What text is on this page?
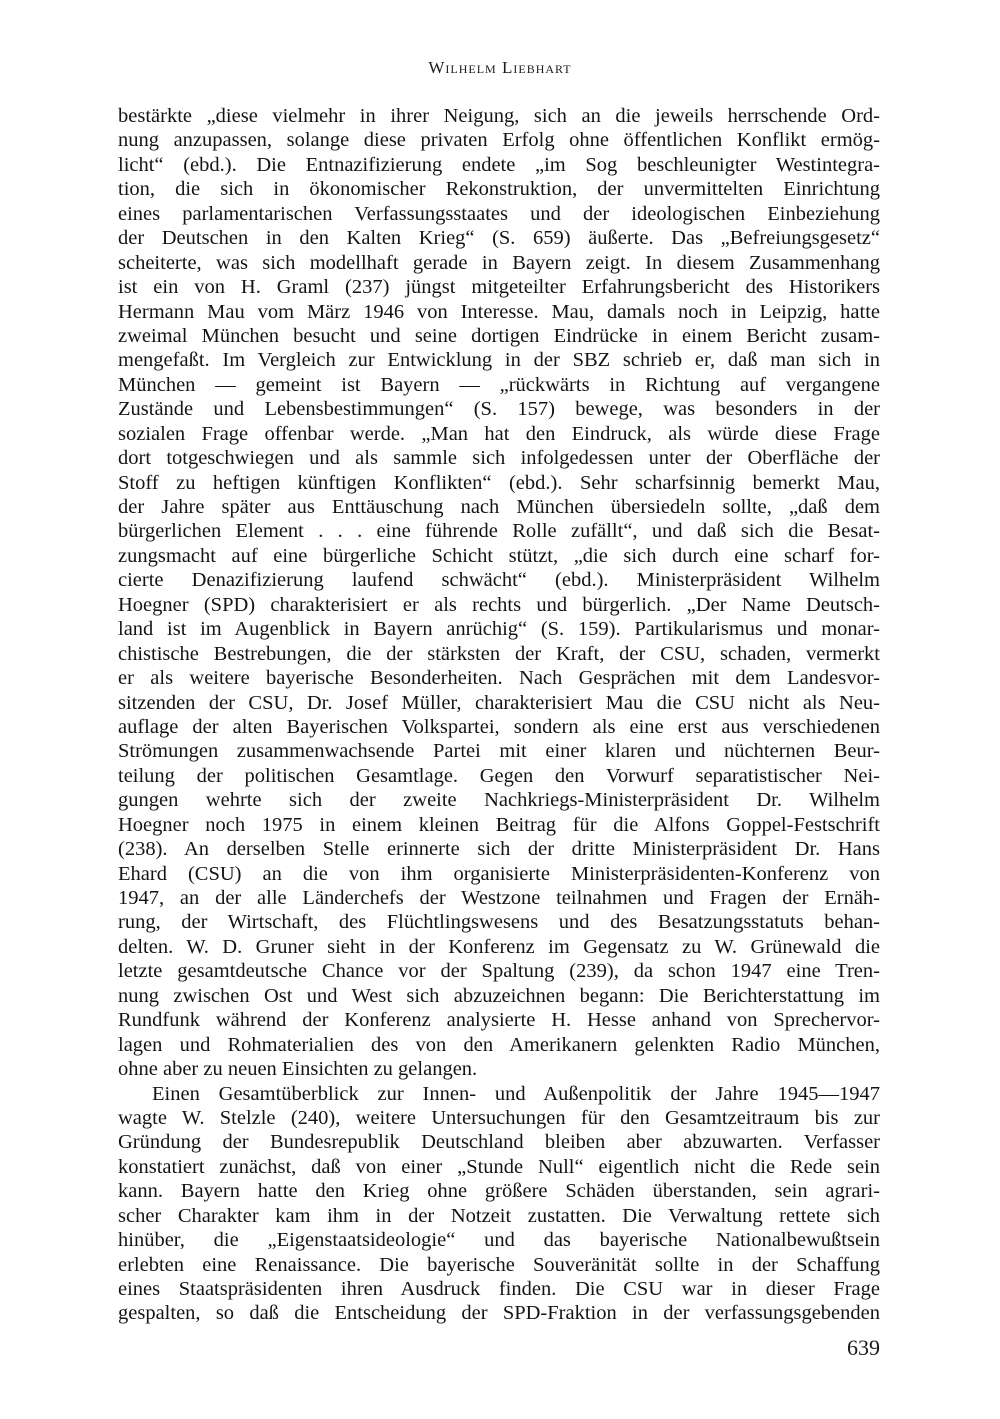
Wilhelm Liebhart
bestärkte „diese vielmehr in ihrer Neigung, sich an die jeweils herrschende Ord-
nung anzupassen, solange diese privaten Erfolg ohne öffentlichen Konflikt ermög-
licht“ (ebd.). Die Entnazifizierung endete „im Sog beschleunigter Westintegra-
tion, die sich in ökonomischer Rekonstruktion, der unvermittelten Einrichtung
eines parlamentarischen Verfassungsstaates und der ideologischen Einbeziehung
der Deutschen in den Kalten Krieg“ (S. 659) äußerte. Das „Befreiungsgesetz“
scheiterte, was sich modellhaft gerade in Bayern zeigt. In diesem Zusammenhang
ist ein von H. Graml (237) jüngst mitgeteilter Erfahrungsbericht des Historikers
Hermann Mau vom März 1946 von Interesse. Mau, damals noch in Leipzig, hatte
zweimal München besucht und seine dortigen Eindrücke in einem Bericht zusam-
mengefaßt. Im Vergleich zur Entwicklung in der SBZ schrieb er, daß man sich in
München — gemeint ist Bayern — „rückwärts in Richtung auf vergangene
Zustände und Lebensbestimmungen“ (S. 157) bewege, was besonders in der
sozialen Frage offenbar werde. „Man hat den Eindruck, als würde diese Frage
dort totgeschwiegen und als sammle sich infolgedessen unter der Oberfläche der
Stoff zu heftigen künftigen Konflikten“ (ebd.). Sehr scharfsinnig bemerkt Mau,
der Jahre später aus Enttäuschung nach München übersiedeln sollte, „daß dem
bürgerlichen Element . . . eine führende Rolle zufällt“, und daß sich die Besat-
zungsmacht auf eine bürgerliche Schicht stützt, „die sich durch eine scharf for-
cierte Denazifizierung laufend schwächt“ (ebd.). Ministerpräsident Wilhelm
Hoegner (SPD) charakterisiert er als rechts und bürgerlich. „Der Name Deutsch-
land ist im Augenblick in Bayern anrüchig“ (S. 159). Partikularismus und monar-
chistische Bestrebungen, die der stärksten der Kraft, der CSU, schaden, vermerkt
er als weitere bayerische Besonderheiten. Nach Gesprächen mit dem Landesvor-
sitzenden der CSU, Dr. Josef Müller, charakterisiert Mau die CSU nicht als Neu-
auflage der alten Bayerischen Volkspartei, sondern als eine erst aus verschiedenen
Strömungen zusammenwachsende Partei mit einer klaren und nüchternen Beur-
teilung der politischen Gesamtlage. Gegen den Vorwurf separatistischer Nei-
gungen wehrte sich der zweite Nachkriegs-Ministerpräsident Dr. Wilhelm
Hoegner noch 1975 in einem kleinen Beitrag für die Alfons Goppel-Festschrift
(238). An derselben Stelle erinnerte sich der dritte Ministerpräsident Dr. Hans
Ehard (CSU) an die von ihm organisierte Ministerpräsidenten-Konferenz von
1947, an der alle Länderchefs der Westzone teilnahmen und Fragen der Ernäh-
rung, der Wirtschaft, des Flüchtlingswesens und des Besatzungsstatuts behan-
delten. W. D. Gruner sieht in der Konferenz im Gegensatz zu W. Grünewald die
letzte gesamtdeutsche Chance vor der Spaltung (239), da schon 1947 eine Tren-
nung zwischen Ost und West sich abzuzeichnen begann: Die Berichterstattung im
Rundfunk während der Konferenz analysierte H. Hesse anhand von Sprechervor-
lagen und Rohmaterialien des von den Amerikanern gelenkten Radio München,
ohne aber zu neuen Einsichten zu gelangen.
Einen Gesamtüberblick zur Innen- und Außenpolitik der Jahre 1945—1947
wagte W. Stelzle (240), weitere Untersuchungen für den Gesamtzeitraum bis zur
Gründung der Bundesrepublik Deutschland bleiben aber abzuwarten. Verfasser
konstatiert zunächst, daß von einer „Stunde Null“ eigentlich nicht die Rede sein
kann. Bayern hatte den Krieg ohne größere Schäden überstanden, sein agrari-
scher Charakter kam ihm in der Notzeit zustatten. Die Verwaltung rettete sich
hinüber, die „Eigenstaatsideologie“ und das bayerische Nationalbewußtsein
erlebten eine Renaissance. Die bayerische Souveränität sollte in der Schaffung
eines Staatspräsidenten ihren Ausdruck finden. Die CSU war in dieser Frage
gespalten, so daß die Entscheidung der SPD-Fraktion in der verfassungsgebenden
639
